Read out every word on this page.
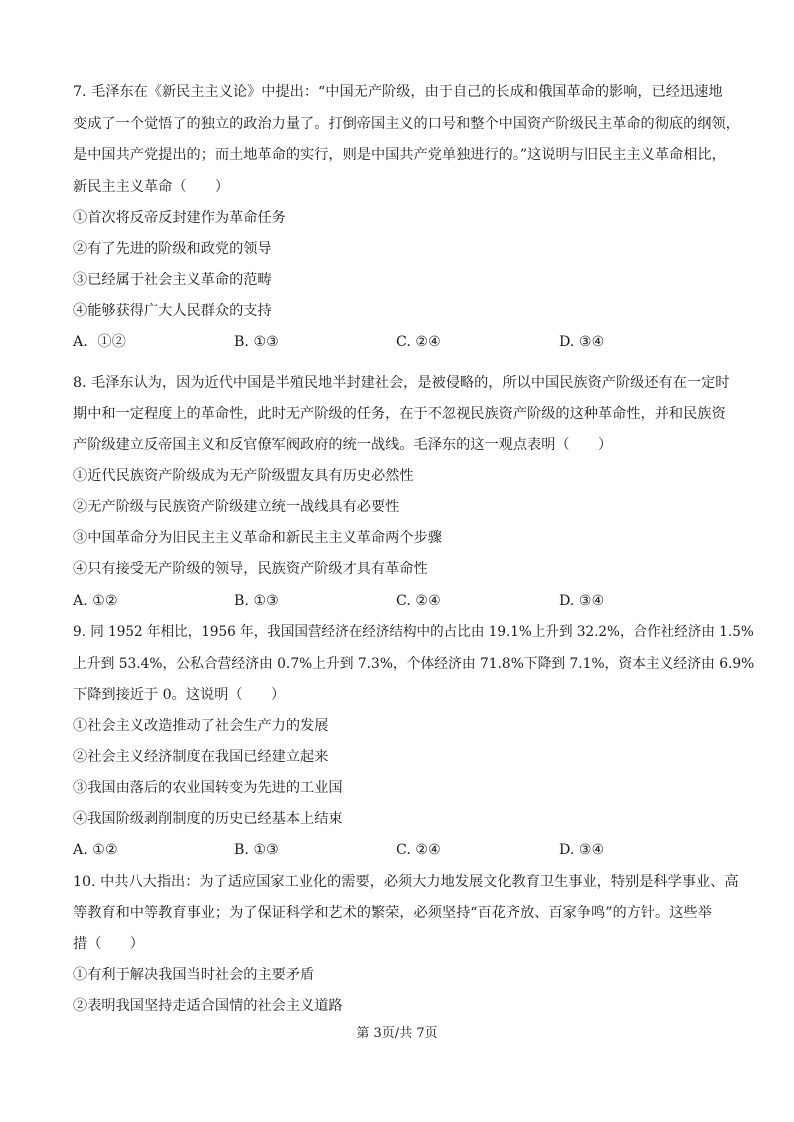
7. 毛泽东在《新民主主义论》中提出：“中国无产阶级，由于自己的长成和俄国革命的影响，已经迅速地
变成了一个觉悟了的独立的政治力量了。打倒帝国主义的口号和整个中国资产阶级民主革命的彻底的纲领，
是中国共产党提出的；而土地革命的实行，则是中国共产党单独进行的。”这说明与旧民主主义革命相比，
新民主主义革命（　　）
①首次将反帝反封建作为革命任务
②有了先进的阶级和政党的领导
③已经属于社会主义革命的范畴
④能够获得广大人民群众的支持
A．①②	B. ①③	C. ②④	D. ③④
8. 毛泽东认为，因为近代中国是半殖民地半封建社会，是被侵略的，所以中国民族资产阶级还有在一定时
期中和一定程度上的革命性，此时无产阶级的任务，在于不忽视民族资产阶级的这种革命性，并和民族资
产阶级建立反帝国主义和反官僚军阀政府的统一战线。毛泽东的这一观点表明（　　）
①近代民族资产阶级成为无产阶级盟友具有历史必然性
②无产阶级与民族资产阶级建立统一战线具有必要性
③中国革命分为旧民主主义革命和新民主主义革命两个步骤
④只有接受无产阶级的领导，民族资产阶级才具有革命性
A. ①②	B. ①③	C. ②④	D. ③④
9. 同 1952 年相比，1956 年，我国国营经济在经济结构中的占比由 19.1%上升到 32.2%，合作社经济由 1.5%
上升到 53.4%，公私合营经济由 0.7%上升到 7.3%，个体经济由 71.8%下降到 7.1%，资本主义经济由 6.9%
下降到接近于 0。这说明（　　）
①社会主义改造推动了社会生产力的发展
②社会主义经济制度在我国已经建立起来
③我国由落后的农业国转变为先进的工业国
④我国阶级剥削制度的历史已经基本上结束
A. ①②	B. ①③	C. ②④	D. ③④
10. 中共八大指出：为了适应国家工业化的需要，必须大力地发展文化教育卫生事业，特别是科学事业、高
等教育和中等教育事业；为了保证科学和艺术的繁荣，必须坚持“百花齐放、百家争鸣”的方针。这些举
措（　　）
①有利于解决我国当时社会的主要矛盾
②表明我国坚持走适合国情的社会主义道路
第 3页/共 7页
